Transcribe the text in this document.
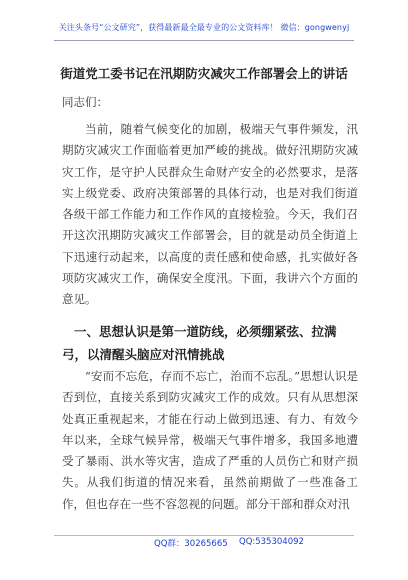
关注头条号“公文研究”，获得最新最全最专业的公文资料库！ 微信：gongwenyj
街道党工委书记在汛期防灾减灾工作部署会上的讲话
同志们：

当前，随着气候变化的加剧，极端天气事件频发，汛期防灾减灾工作面临着更加严峻的挑战。做好汛期防灾减灾工作，是守护人民群众生命财产安全的必然要求，是落实上级党委、政府决策部署的具体行动，也是对我们街道各级干部工作能力和工作作风的直接检验。今天，我们召开这次汛期防灾减灾工作部署会，目的就是动员全街道上下迅速行动起来，以高度的责任感和使命感，扎实做好各项防灾减灾工作，确保安全度汛。下面，我讲六个方面的意见。

一、思想认识是第一道防线，必须绷紧弦、拉满弓，以清醒头脑应对汛情挑战

“安而不忘危，存而不忘亡，治而不忘乱。”思想认识是否到位，直接关系到防灾减灾工作的成效。只有从思想深处真正重视起来，才能在行动上做到迅速、有力、有效今年以来，全球气候异常，极端天气事件增多，我国多地遭受了暴雨、洪水等灾害，造成了严重的人员伤亡和财产损失。从我们街道的情况来看，虽然前期做了一些准备工作，但也存在一些不容忽视的问题。部分干部和群众对汛

QQ群：30265665 QQ:535304092
